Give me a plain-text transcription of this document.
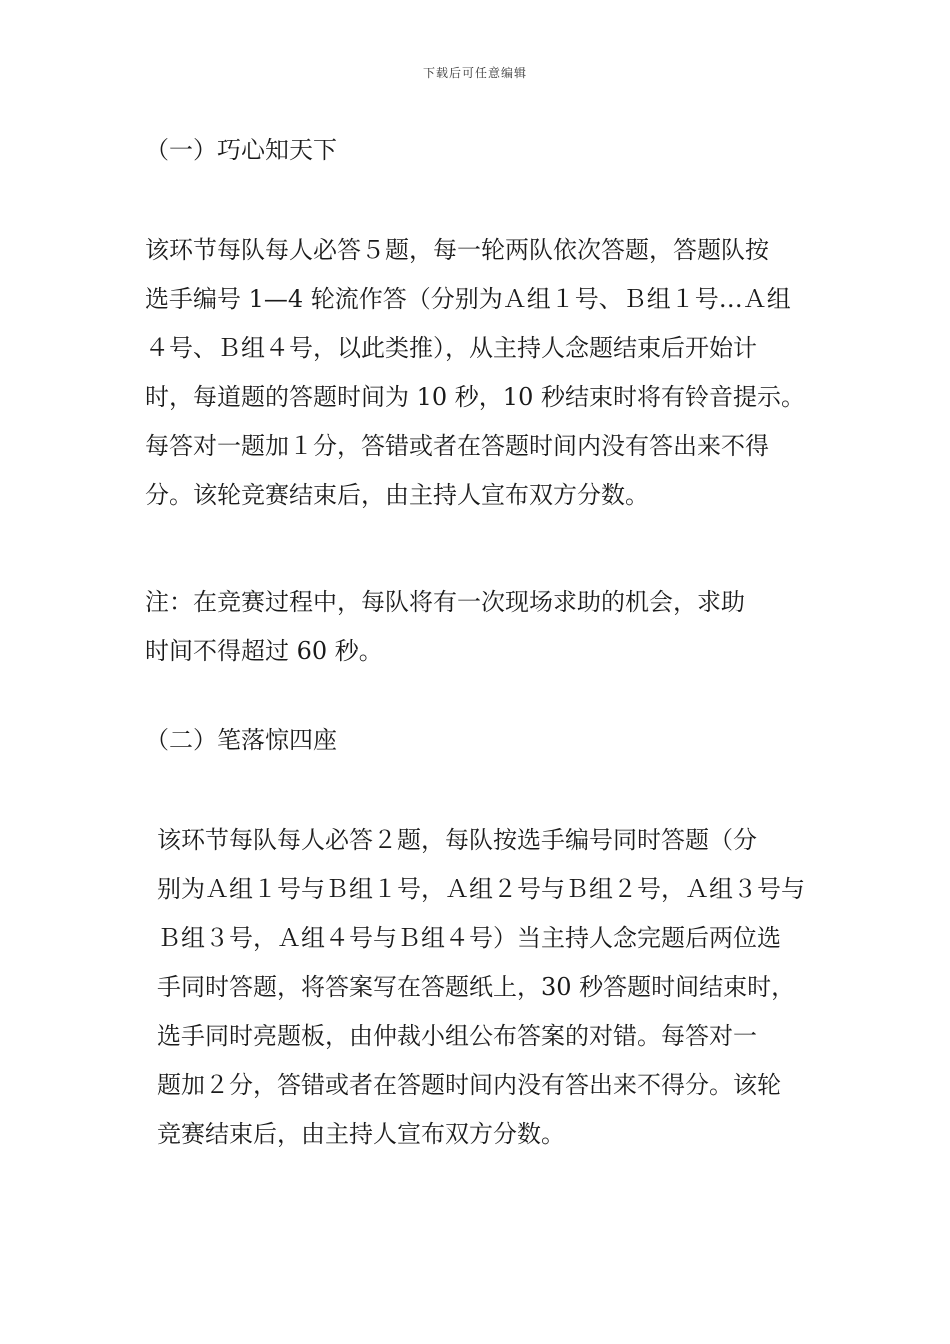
下载后可任意编辑
（一）巧心知天下
该环节每队每人必答５题，每一轮两队依次答题，答题队按
选手编号 1—4 轮流作答（分别为Ａ组１号、Ｂ组１号…Ａ组
４号、Ｂ组４号，以此类推），从主持人念题结束后开始计
时，每道题的答题时间为 10 秒，10 秒结束时将有铃音提示。
每答对一题加１分，答错或者在答题时间内没有答出来不得
分。该轮竞赛结束后，由主持人宣布双方分数。
注：在竞赛过程中，每队将有一次现场求助的机会，求助
时间不得超过 60 秒。
（二）笔落惊四座
该环节每队每人必答２题，每队按选手编号同时答题（分
别为Ａ组１号与Ｂ组１号，Ａ组２号与Ｂ组２号，Ａ组３号与
Ｂ组３号，Ａ组４号与Ｂ组４号）当主持人念完题后两位选
手同时答题，将答案写在答题纸上，30 秒答题时间结束时，
选手同时亮题板，由仲裁小组公布答案的对错。每答对一
题加２分，答错或者在答题时间内没有答出来不得分。该轮
竞赛结束后，由主持人宣布双方分数。
